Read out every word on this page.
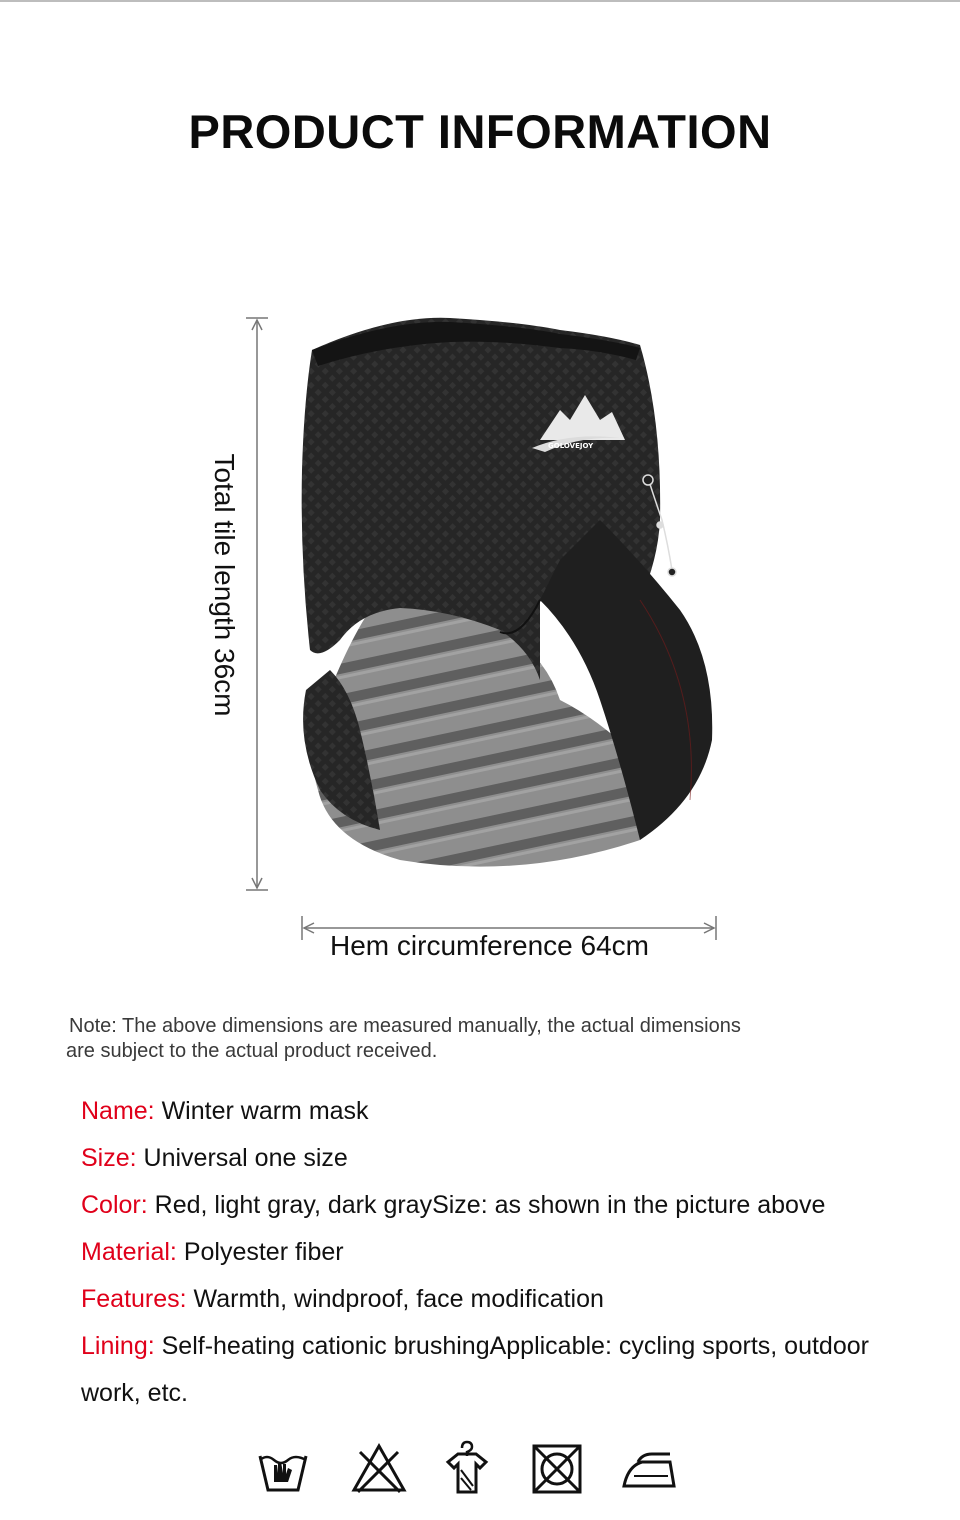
PRODUCT INFORMATION
GOLOVEJOY
Total tile length 36cm
Hem circumference 64cm
Note: The above dimensions are measured manually, the actual dimensions
are subject to the actual product received.
Name: Winter warm mask
Size: Universal one size
Color: Red, light gray, dark graySize: as shown in the picture above
Material: Polyester fiber
Features: Warmth, windproof, face modification
Lining: Self-heating cationic brushingApplicable: cycling sports, outdoor
work, etc.
